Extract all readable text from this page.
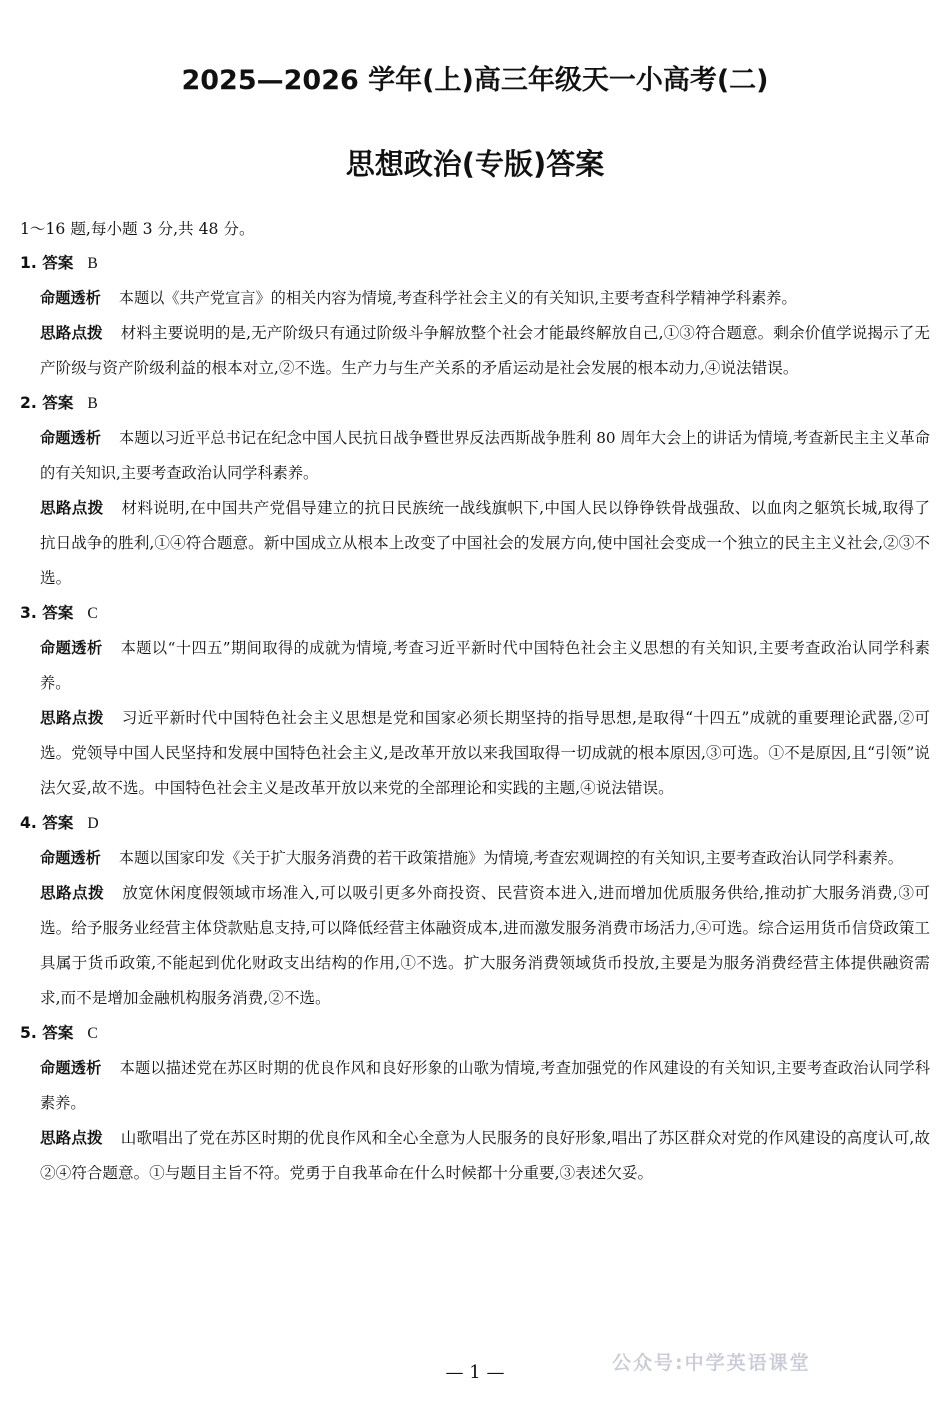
2025—2026 学年(上)高三年级天一小高考(二)
思想政治(专版)答案
1～16 题,每小题 3 分,共 48 分。
1. 答案 B
命题透析 本题以《共产党宣言》的相关内容为情境,考查科学社会主义的有关知识,主要考查科学精神学科素养。
思路点拨 材料主要说明的是,无产阶级只有通过阶级斗争解放整个社会才能最终解放自己,①③符合题意。剩余价值学说揭示了无产阶级与资产阶级利益的根本对立,②不选。生产力与生产关系的矛盾运动是社会发展的根本动力,④说法错误。
2. 答案 B
命题透析 本题以习近平总书记在纪念中国人民抗日战争暨世界反法西斯战争胜利 80 周年大会上的讲话为情境,考查新民主主义革命的有关知识,主要考查政治认同学科素养。
思路点拨 材料说明,在中国共产党倡导建立的抗日民族统一战线旗帜下,中国人民以铮铮铁骨战强敌、以血肉之躯筑长城,取得了抗日战争的胜利,①④符合题意。新中国成立从根本上改变了中国社会的发展方向,使中国社会变成一个独立的民主主义社会,②③不选。
3. 答案 C
命题透析 本题以“十四五”期间取得的成就为情境,考查习近平新时代中国特色社会主义思想的有关知识,主要考查政治认同学科素养。
思路点拨 习近平新时代中国特色社会主义思想是党和国家必须长期坚持的指导思想,是取得“十四五”成就的重要理论武器,②可选。党领导中国人民坚持和发展中国特色社会主义,是改革开放以来我国取得一切成就的根本原因,③可选。①不是原因,且“引领”说法欠妥,故不选。中国特色社会主义是改革开放以来党的全部理论和实践的主题,④说法错误。
4. 答案 D
命题透析 本题以国家印发《关于扩大服务消费的若干政策措施》为情境,考查宏观调控的有关知识,主要考查政治认同学科素养。
思路点拨 放宽休闲度假领域市场准入,可以吸引更多外商投资、民营资本进入,进而增加优质服务供给,推动扩大服务消费,③可选。给予服务业经营主体贷款贴息支持,可以降低经营主体融资成本,进而激发服务消费市场活力,④可选。综合运用货币信贷政策工具属于货币政策,不能起到优化财政支出结构的作用,①不选。扩大服务消费领域货币投放,主要是为服务消费经营主体提供融资需求,而不是增加金融机构服务消费,②不选。
5. 答案 C
命题透析 本题以描述党在苏区时期的优良作风和良好形象的山歌为情境,考查加强党的作风建设的有关知识,主要考查政治认同学科素养。
思路点拨 山歌唱出了党在苏区时期的优良作风和全心全意为人民服务的良好形象,唱出了苏区群众对党的作风建设的高度认可,故②④符合题意。①与题目主旨不符。党勇于自我革命在什么时候都十分重要,③表述欠妥。
公众号:中学英语课堂
— 1 —
